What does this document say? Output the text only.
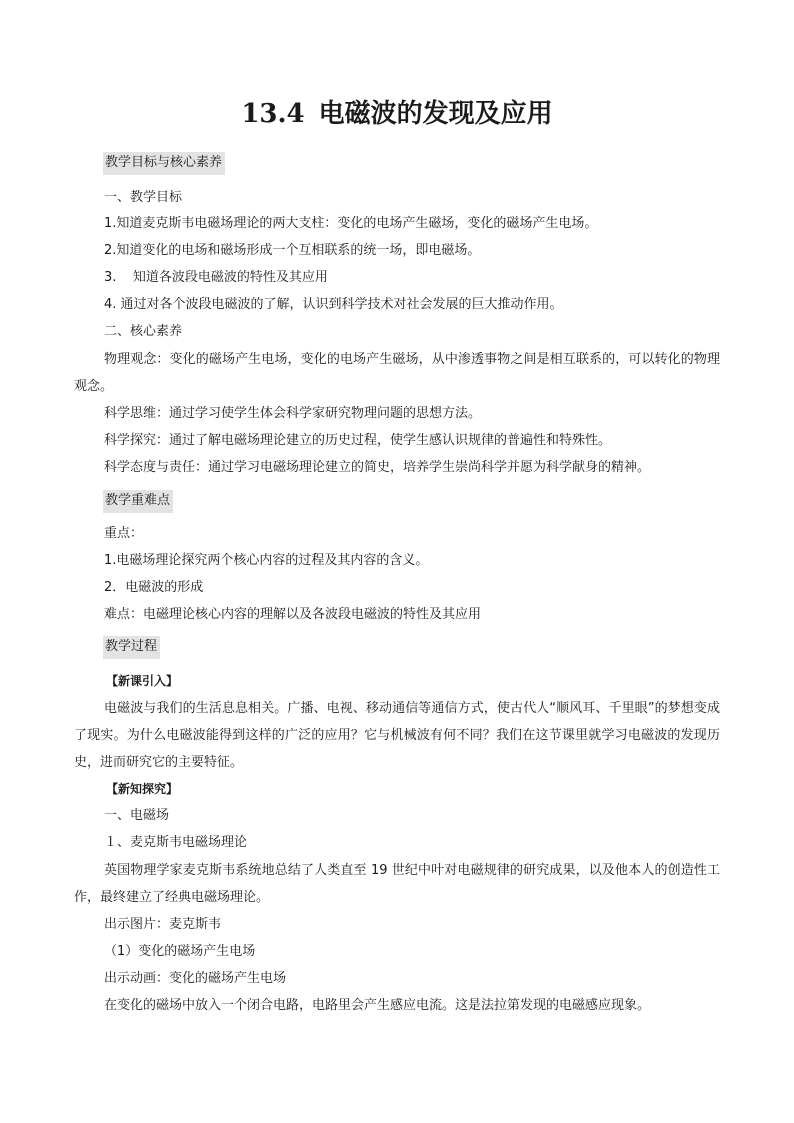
13.4 电磁波的发现及应用
教学目标与核心素养
一、教学目标
1.知道麦克斯韦电磁场理论的两大支柱：变化的电场产生磁场，变化的磁场产生电场。
2.知道变化的电场和磁场形成一个互相联系的统一场，即电磁场。
3.    知道各波段电磁波的特性及其应用
4. 通过对各个波段电磁波的了解，认识到科学技术对社会发展的巨大推动作用。
二、核心素养
物理观念：变化的磁场产生电场，变化的电场产生磁场，从中渗透事物之间是相互联系的，可以转化的物理观念。
科学思维：通过学习使学生体会科学家研究物理问题的思想方法。
科学探究：通过了解电磁场理论建立的历史过程，使学生感认识规律的普遍性和特殊性。
科学态度与责任：通过学习电磁场理论建立的简史，培养学生崇尚科学并愿为科学献身的精神。
教学重难点
重点：
1.电磁场理论探究两个核心内容的过程及其内容的含义。
2．电磁波的形成
难点：电磁理论核心内容的理解以及各波段电磁波的特性及其应用
教学过程
【新课引入】
电磁波与我们的生活息息相关。广播、电视、移动通信等通信方式，使古代人“顺风耳、千里眼”的梦想变成了现实。为什么电磁波能得到这样的广泛的应用？它与机械波有何不同？我们在这节课里就学习电磁波的发现历史，进而研究它的主要特征。
【新知探究】
一、电磁场
１、麦克斯韦电磁场理论
英国物理学家麦克斯韦系统地总结了人类直至 19 世纪中叶对电磁规律的研究成果，以及他本人的创造性工作，最终建立了经典电磁场理论。
出示图片：麦克斯韦
（1）变化的磁场产生电场
出示动画：变化的磁场产生电场
在变化的磁场中放入一个闭合电路，电路里会产生感应电流。这是法拉第发现的电磁感应现象。
